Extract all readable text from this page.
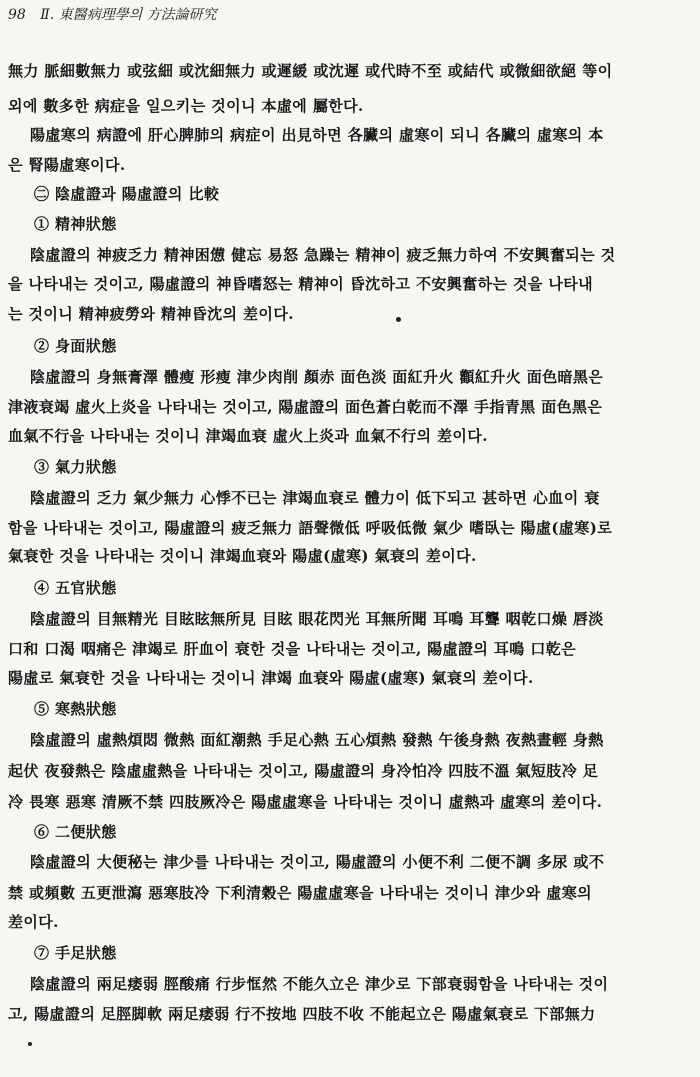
98 Ⅱ. 東醫病理學의 方法論研究
無力 脈細數無力 或弦細 或沈細無力 或遲緩 或沈遲 或代時不至 或結代 或微細欲絕 等이
외에 數多한 病症을 일으키는 것이니 本虛에 屬한다.
陽虛寒의 病證에 肝心脾肺의 病症이 出見하면 各臟의 虛寒이 되니 各臟의 虛寒의 本
은 腎陽虛寒이다.
㊁ 陰虛證과 陽虛證의 比較
① 精神狀態
陰虛證의 神疲乏力 精神困憊 健忘 易怒 急躁는 精神이 疲乏無力하여 不安興奮되는 것
을 나타내는 것이고, 陽虛證의 神昏嗜怒는 精神이 昏沈하고 不安興奮하는 것을 나타내
는 것이니 精神疲勞와 精神昏沈의 差이다.
② 身面狀態
陰虛證의 身無膏澤 體瘦 形瘦 津少肉削 顏赤 面色淡 面紅升火 顴紅升火 面色暗黑은
津液衰竭 虛火上炎을 나타내는 것이고, 陽虛證의 面色蒼白乾而不澤 手指青黑 面色黑은
血氣不行을 나타내는 것이니 津竭血衰 虛火上炎과 血氣不行의 差이다.
③ 氣力狀態
陰虛證의 乏力 氣少無力 心悸不已는 津竭血衰로 體力이 低下되고 甚하면 心血이 衰
함을 나타내는 것이고, 陽虛證의 疲乏無力 語聲微低 呼吸低微 氣少 嗜臥는 陽虛(虛寒)로
氣衰한 것을 나타내는 것이니 津竭血衰와 陽虛(虛寒) 氣衰의 差이다.
④ 五官狀態
陰虛證의 目無精光 目眩眩無所見 目眩 眼花閃光 耳無所聞 耳鳴 耳聾 咽乾口燥 唇淡
口和 口渴 咽痛은 津竭로 肝血이 衰한 것을 나타내는 것이고, 陽虛證의 耳鳴 口乾은
陽虛로 氣衰한 것을 나타내는 것이니 津竭 血衰와 陽虛(虛寒) 氣衰의 差이다.
⑤ 寒熱狀態
陰虛證의 虛熱煩悶 微熱 面紅潮熱 手足心熱 五心煩熱 發熱 午後身熱 夜熱晝輕 身熱
起伏 夜發熱은 陰虛虛熱을 나타내는 것이고, 陽虛證의 身冷怕冷 四肢不溫 氣短肢冷 足
冷 畏寒 惡寒 清厥不禁 四肢厥冷은 陽虛虛寒을 나타내는 것이니 虛熱과 虛寒의 差이다.
⑥ 二便狀態
陰虛證의 大便秘는 津少를 나타내는 것이고, 陽虛證의 小便不利 二便不調 多尿 或不
禁 或頻數 五更泄瀉 惡寒肢冷 下利清穀은 陽虛虛寒을 나타내는 것이니 津少와 虛寒의
差이다.
⑦ 手足狀態
陰虛證의 兩足痿弱 脛酸痛 行步恇然 不能久立은 津少로 下部衰弱함을 나타내는 것이
고, 陽虛證의 足脛脚軟 兩足痿弱 行不按地 四肢不收 不能起立은 陽虛氣衰로 下部無力
